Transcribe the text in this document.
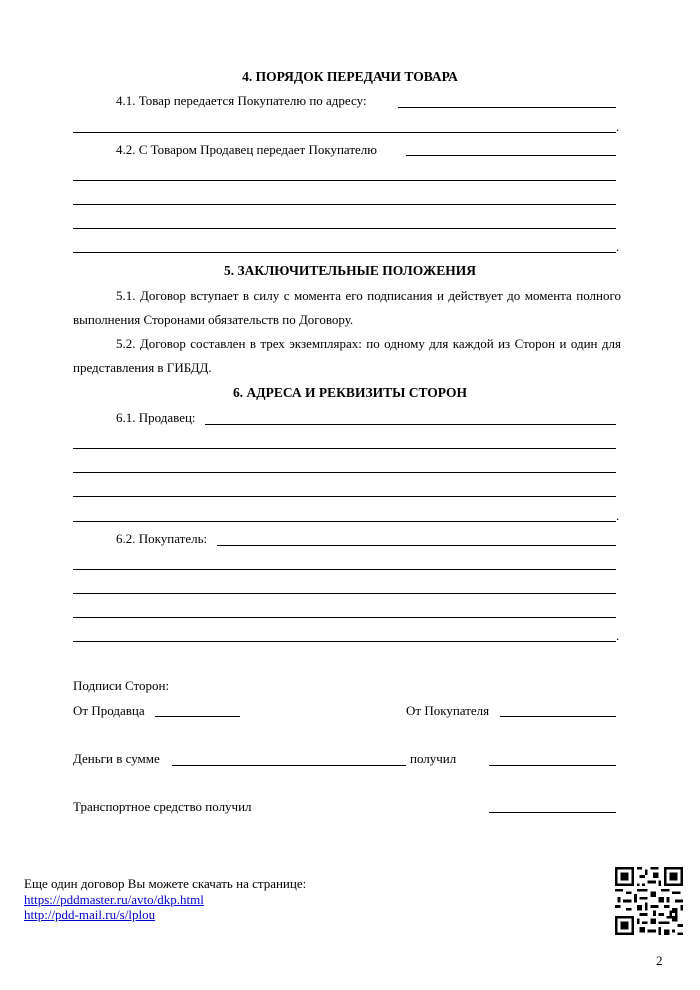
4. ПОРЯДОК ПЕРЕДАЧИ ТОВАРА
4.1. Товар передается Покупателю по адресу:
.
4.2. С Товаром Продавец передает Покупателю
.
5. ЗАКЛЮЧИТЕЛЬНЫЕ ПОЛОЖЕНИЯ
5.1. Договор вступает в силу с момента его подписания и действует до момента полного выполнения Сторонами обязательств по Договору.
5.2. Договор составлен в трех экземплярах: по одному для каждой из Сторон и один для представления в ГИБДД.
6. АДРЕСА И РЕКВИЗИТЫ СТОРОН
6.1. Продавец:
.
6.2. Покупатель:
.
Подписи Сторон:
От Продавца	От Покупателя
Деньги в сумме	получил
Транспортное средство получил
Еще один договор Вы можете скачать на странице:
https://pddmaster.ru/avto/dkp.html
http://pdd-mail.ru/s/lplou
2
